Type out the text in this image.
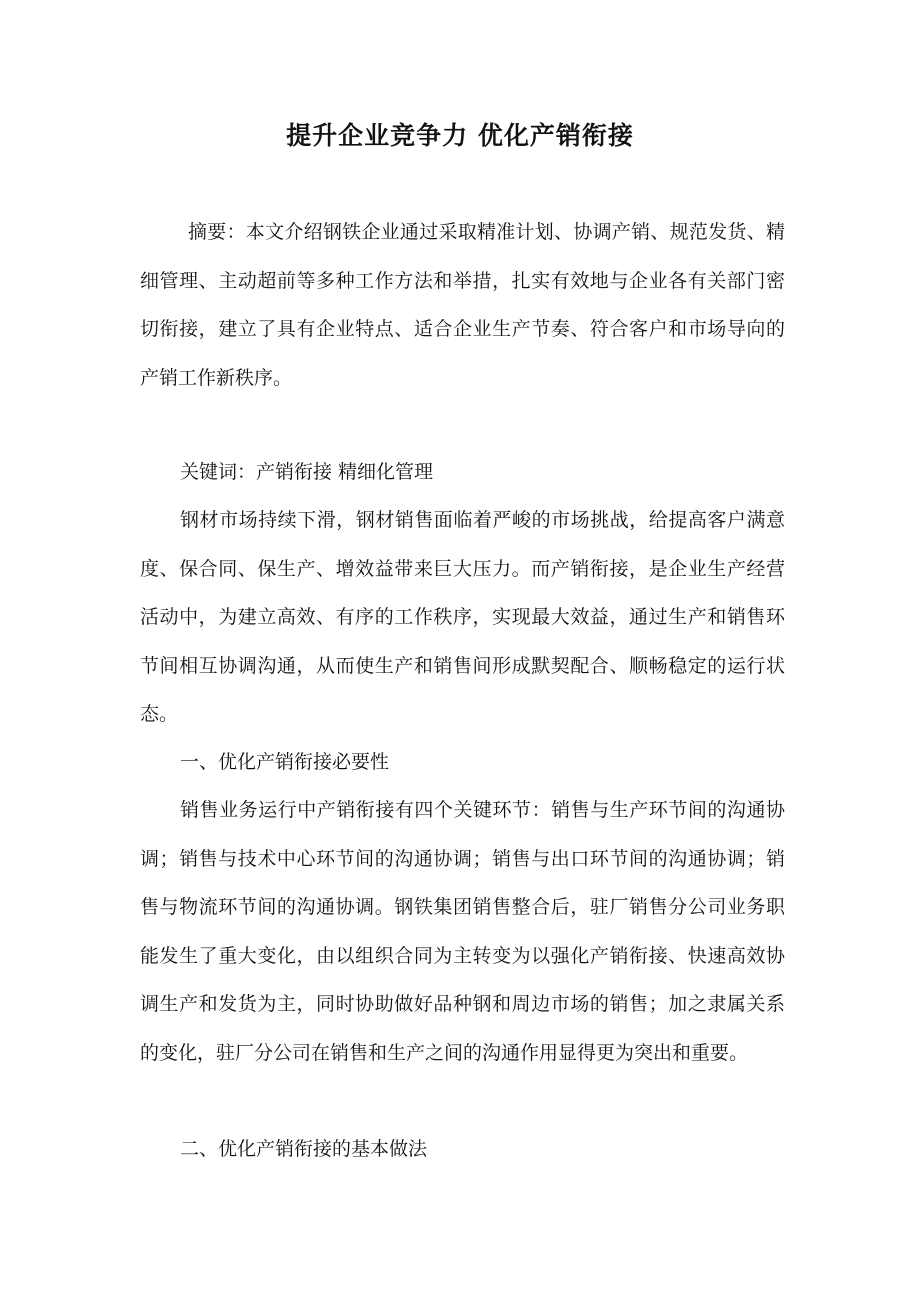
提升企业竞争力 优化产销衔接

摘要：本文介绍钢铁企业通过采取精准计划、协调产销、规范发货、精细管理、主动超前等多种工作方法和举措，扎实有效地与企业各有关部门密切衔接，建立了具有企业特点、适合企业生产节奏、符合客户和市场导向的产销工作新秩序。

关键词：产销衔接 精细化管理

钢材市场持续下滑，钢材销售面临着严峻的市场挑战，给提高客户满意度、保合同、保生产、增效益带来巨大压力。而产销衔接，是企业生产经营活动中，为建立高效、有序的工作秩序，实现最大效益，通过生产和销售环节间相互协调沟通，从而使生产和销售间形成默契配合、顺畅稳定的运行状态。

一、优化产销衔接必要性

销售业务运行中产销衔接有四个关键环节：销售与生产环节间的沟通协调；销售与技术中心环节间的沟通协调；销售与出口环节间的沟通协调；销售与物流环节间的沟通协调。钢铁集团销售整合后，驻厂销售分公司业务职能发生了重大变化，由以组织合同为主转变为以强化产销衔接、快速高效协调生产和发货为主，同时协助做好品种钢和周边市场的销售；加之隶属关系的变化，驻厂分公司在销售和生产之间的沟通作用显得更为突出和重要。

二、优化产销衔接的基本做法
